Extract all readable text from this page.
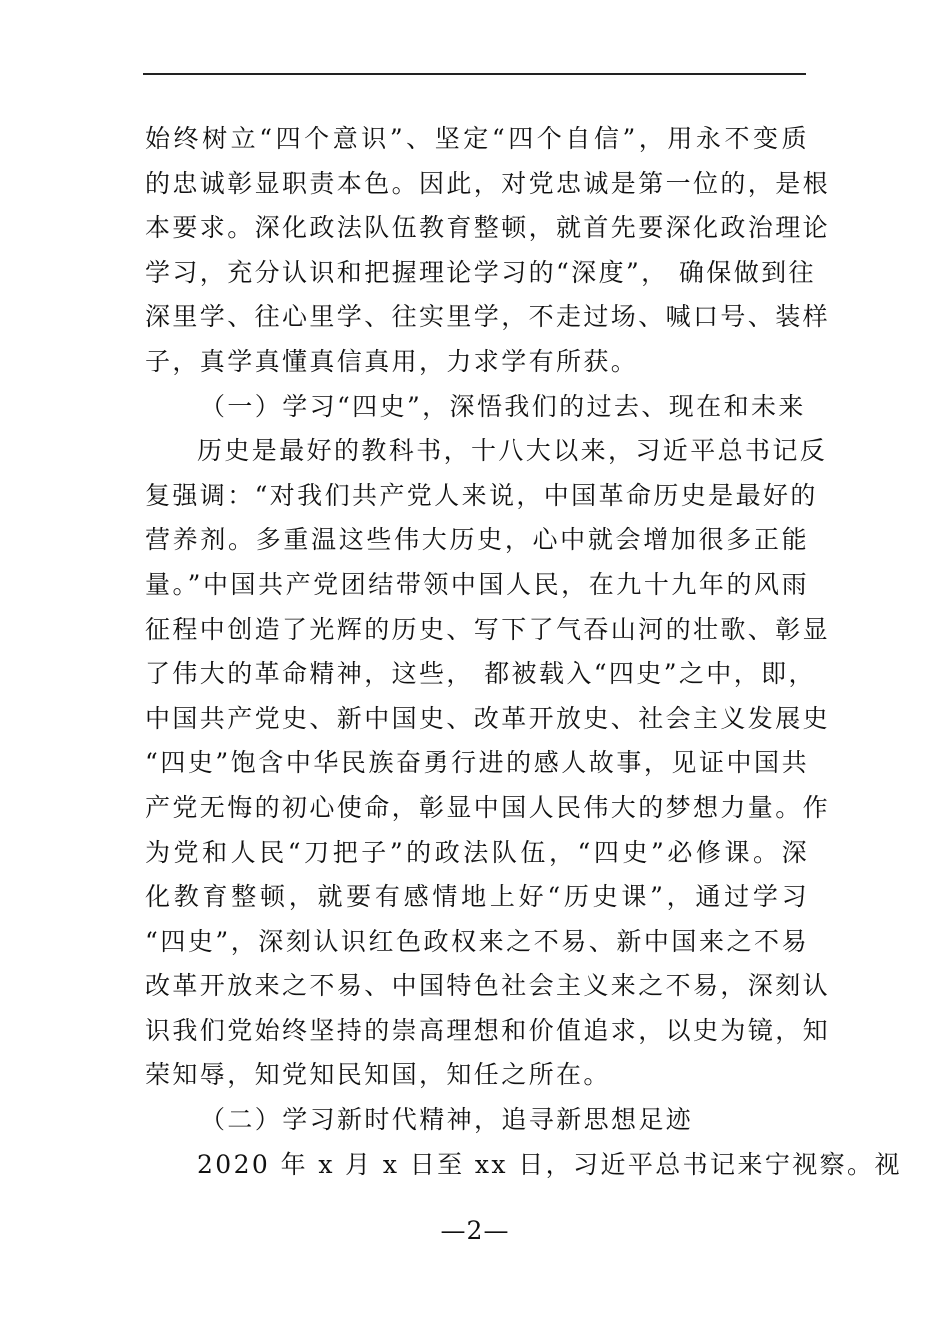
始终树立“四个意识”、坚定“四个自信”，用永不变质
的忠诚彰显职责本色。因此，对党忠诚是第一位的，是根
本要求。深化政法队伍教育整顿，就首先要深化政治理论
学习，充分认识和把握理论学习的“深度”， 确保做到往
深里学、往心里学、往实里学，不走过场、喊口号、装样
子，真学真懂真信真用，力求学有所获。
（一）学习“四史”，深悟我们的过去、现在和未来
历史是最好的教科书，十八大以来，习近平总书记反
复强调：“对我们共产党人来说，中国革命历史是最好的
营养剂。多重温这些伟大历史，心中就会增加很多正能
量。”中国共产党团结带领中国人民，在九十九年的风雨
征程中创造了光辉的历史、写下了气吞山河的壮歌、彰显
了伟大的革命精神，这些， 都被载入“四史”之中，即，
中国共产党史、新中国史、改革开放史、社会主义发展史
“四史”饱含中华民族奋勇行进的感人故事，见证中国共
产党无悔的初心使命，彰显中国人民伟大的梦想力量。作
为党和人民“刀把子”的政法队伍，“四史”必修课。深
化教育整顿，就要有感情地上好“历史课”，通过学习
“四史”，深刻认识红色政权来之不易、新中国来之不易
改革开放来之不易、中国特色社会主义来之不易，深刻认
识我们党始终坚持的崇高理想和价值追求，以史为镜，知
荣知辱，知党知民知国，知任之所在。
（二）学习新时代精神，追寻新思想足迹
2020 年 x 月 x 日至 xx 日，习近平总书记来宁视察。视
—2—
